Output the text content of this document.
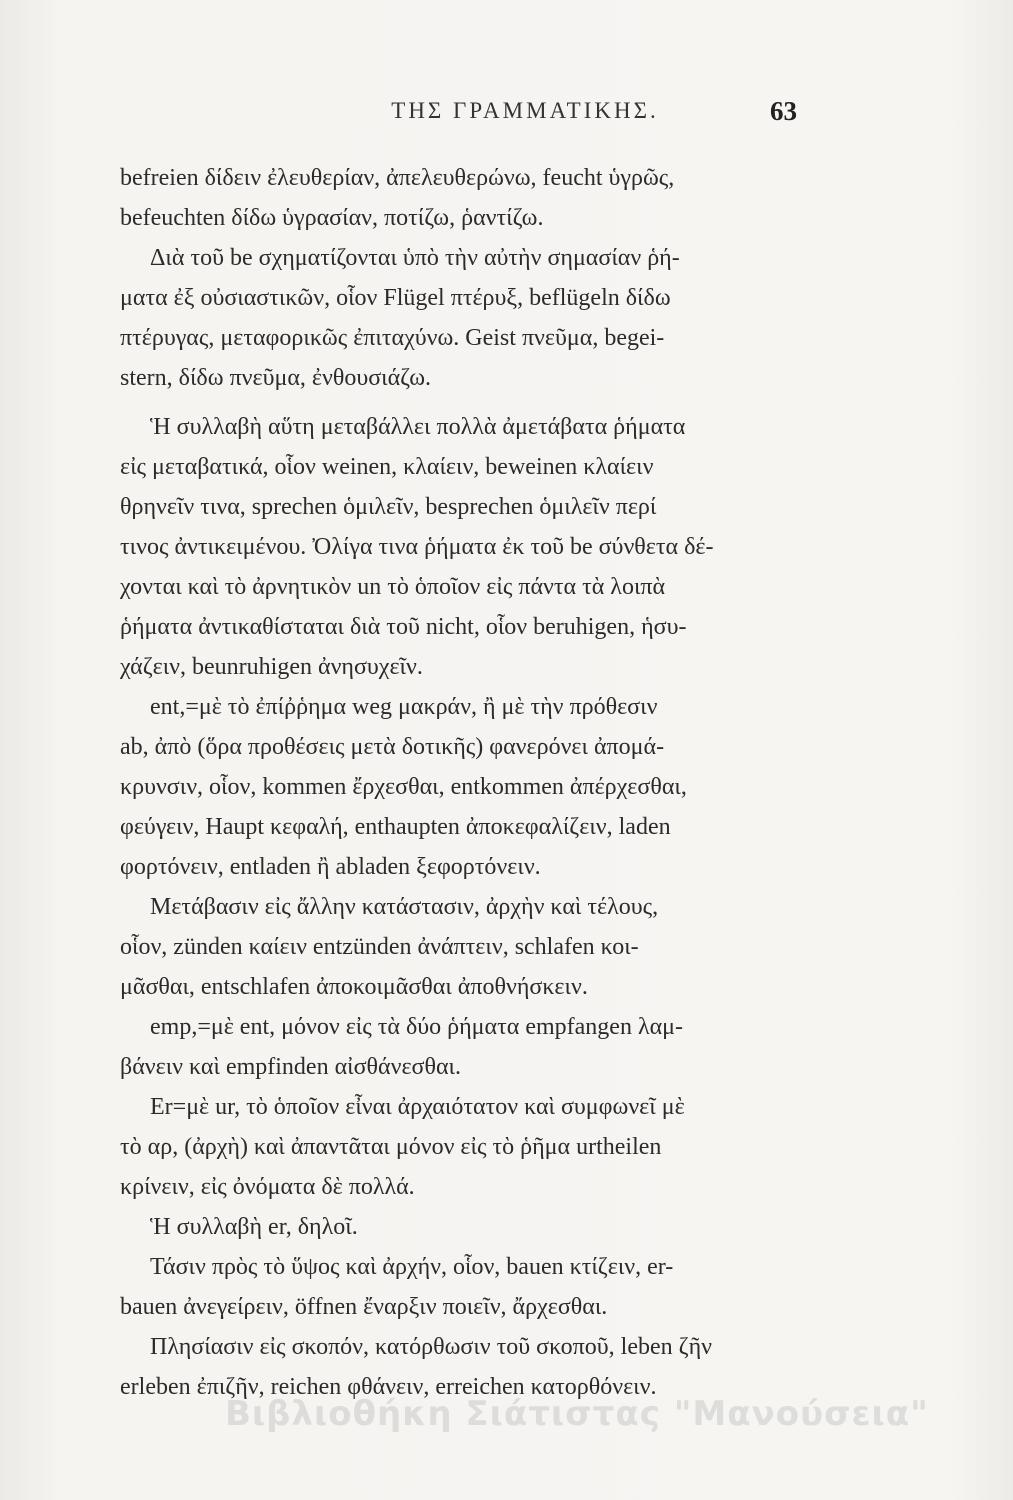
ΤΗΣ ΓΡΑΜΜΑΤΙΚΗΣ.	63
befreien δίδειν ἐλευθερίαν, ἀπελευθερώνω, feucht ὑγρῶς,
befeuchten δίδω ὑγρασίαν, ποτίζω, ῥαντίζω.
Διὰ τοῦ be σχηματίζονται ὑπὸ τὴν αὐτὴν σημασίαν ῥή-
ματα ἐξ οὐσιαστικῶν, οἷον Flügel πτέρυξ, beflügeln δίδω
πτέρυγας, μεταφορικῶς ἐπιταχύνω. Geist πνεῦμα, begei-
stern, δίδω πνεῦμα, ἐνθουσιάζω.
Ἡ συλλαβὴ αὕτη μεταβάλλει πολλὰ ἀμετάβατα ῥήματα
εἰς μεταβατικά, οἷον weinen, κλαίειν, beweinen κλαίειν
θρηνεῖν τινα, sprechen ὁμιλεῖν, besprechen ὁμιλεῖν περί
τινος ἀντικειμένου. Ὀλίγα τινα ῥήματα ἐκ τοῦ be σύνθετα δέ-
χονται καὶ τὸ ἀρνητικὸν un τὸ ὁποῖον εἰς πάντα τὰ λοιπὰ
ῥήματα ἀντικαθίσταται διὰ τοῦ nicht, οἷον beruhigen, ἡσυ-
χάζειν, beunruhigen ἀνησυχεῖν.
ent,=μὲ τὸ ἐπίῤῥημα weg μακράν, ἢ μὲ τὴν πρόθεσιν
ab, ἀπὸ (ὅρα προθέσεις μετὰ δοτικῆς) φανερόνει ἀπομά-
κρυνσιν, οἷον, kommen ἔρχεσθαι, entkommen ἀπέρχεσθαι,
φεύγειν, Haupt κεφαλή, enthaupten ἀποκεφαλίζειν, laden
φορτόνειν, entladen ἢ abladen ξεφορτόνειν.
Μετάβασιν εἰς ἄλλην κατάστασιν, ἀρχὴν καὶ τέλους,
οἷον, zünden καίειν entzünden ἀνάπτειν, schlafen κοι-
μᾶσθαι, entschlafen ἀποκοιμᾶσθαι ἀποθνήσκειν.
emp,=μὲ ent, μόνον εἰς τὰ δύο ῥήματα empfangen λαμ-
βάνειν καὶ empfinden αἰσθάνεσθαι.
Er=μὲ ur, τὸ ὁποῖον εἶναι ἀρχαιότατον καὶ συμφωνεῖ μὲ
τὸ αρ, (ἀρχὴ) καὶ ἀπαντᾶται μόνον εἰς τὸ ῥῆμα urtheilen
κρίνειν, εἰς ὀνόματα δὲ πολλά.
Ἡ συλλαβὴ er, δηλοῖ.
Τάσιν πρὸς τὸ ὕψος καὶ ἀρχήν, οἷον, bauen κτίζειν, er-
bauen ἀνεγείρειν, öffnen ἔναρξιν ποιεῖν, ἄρχεσθαι.
Πλησίασιν εἰς σκοπόν, κατόρθωσιν τοῦ σκοποῦ, leben ζῆν
erleben ἐπιζῆν, reichen φθάνειν, erreichen κατορθόνειν.
Βιβλιοθήκη Σιάτιστας "Μανούσεια"
